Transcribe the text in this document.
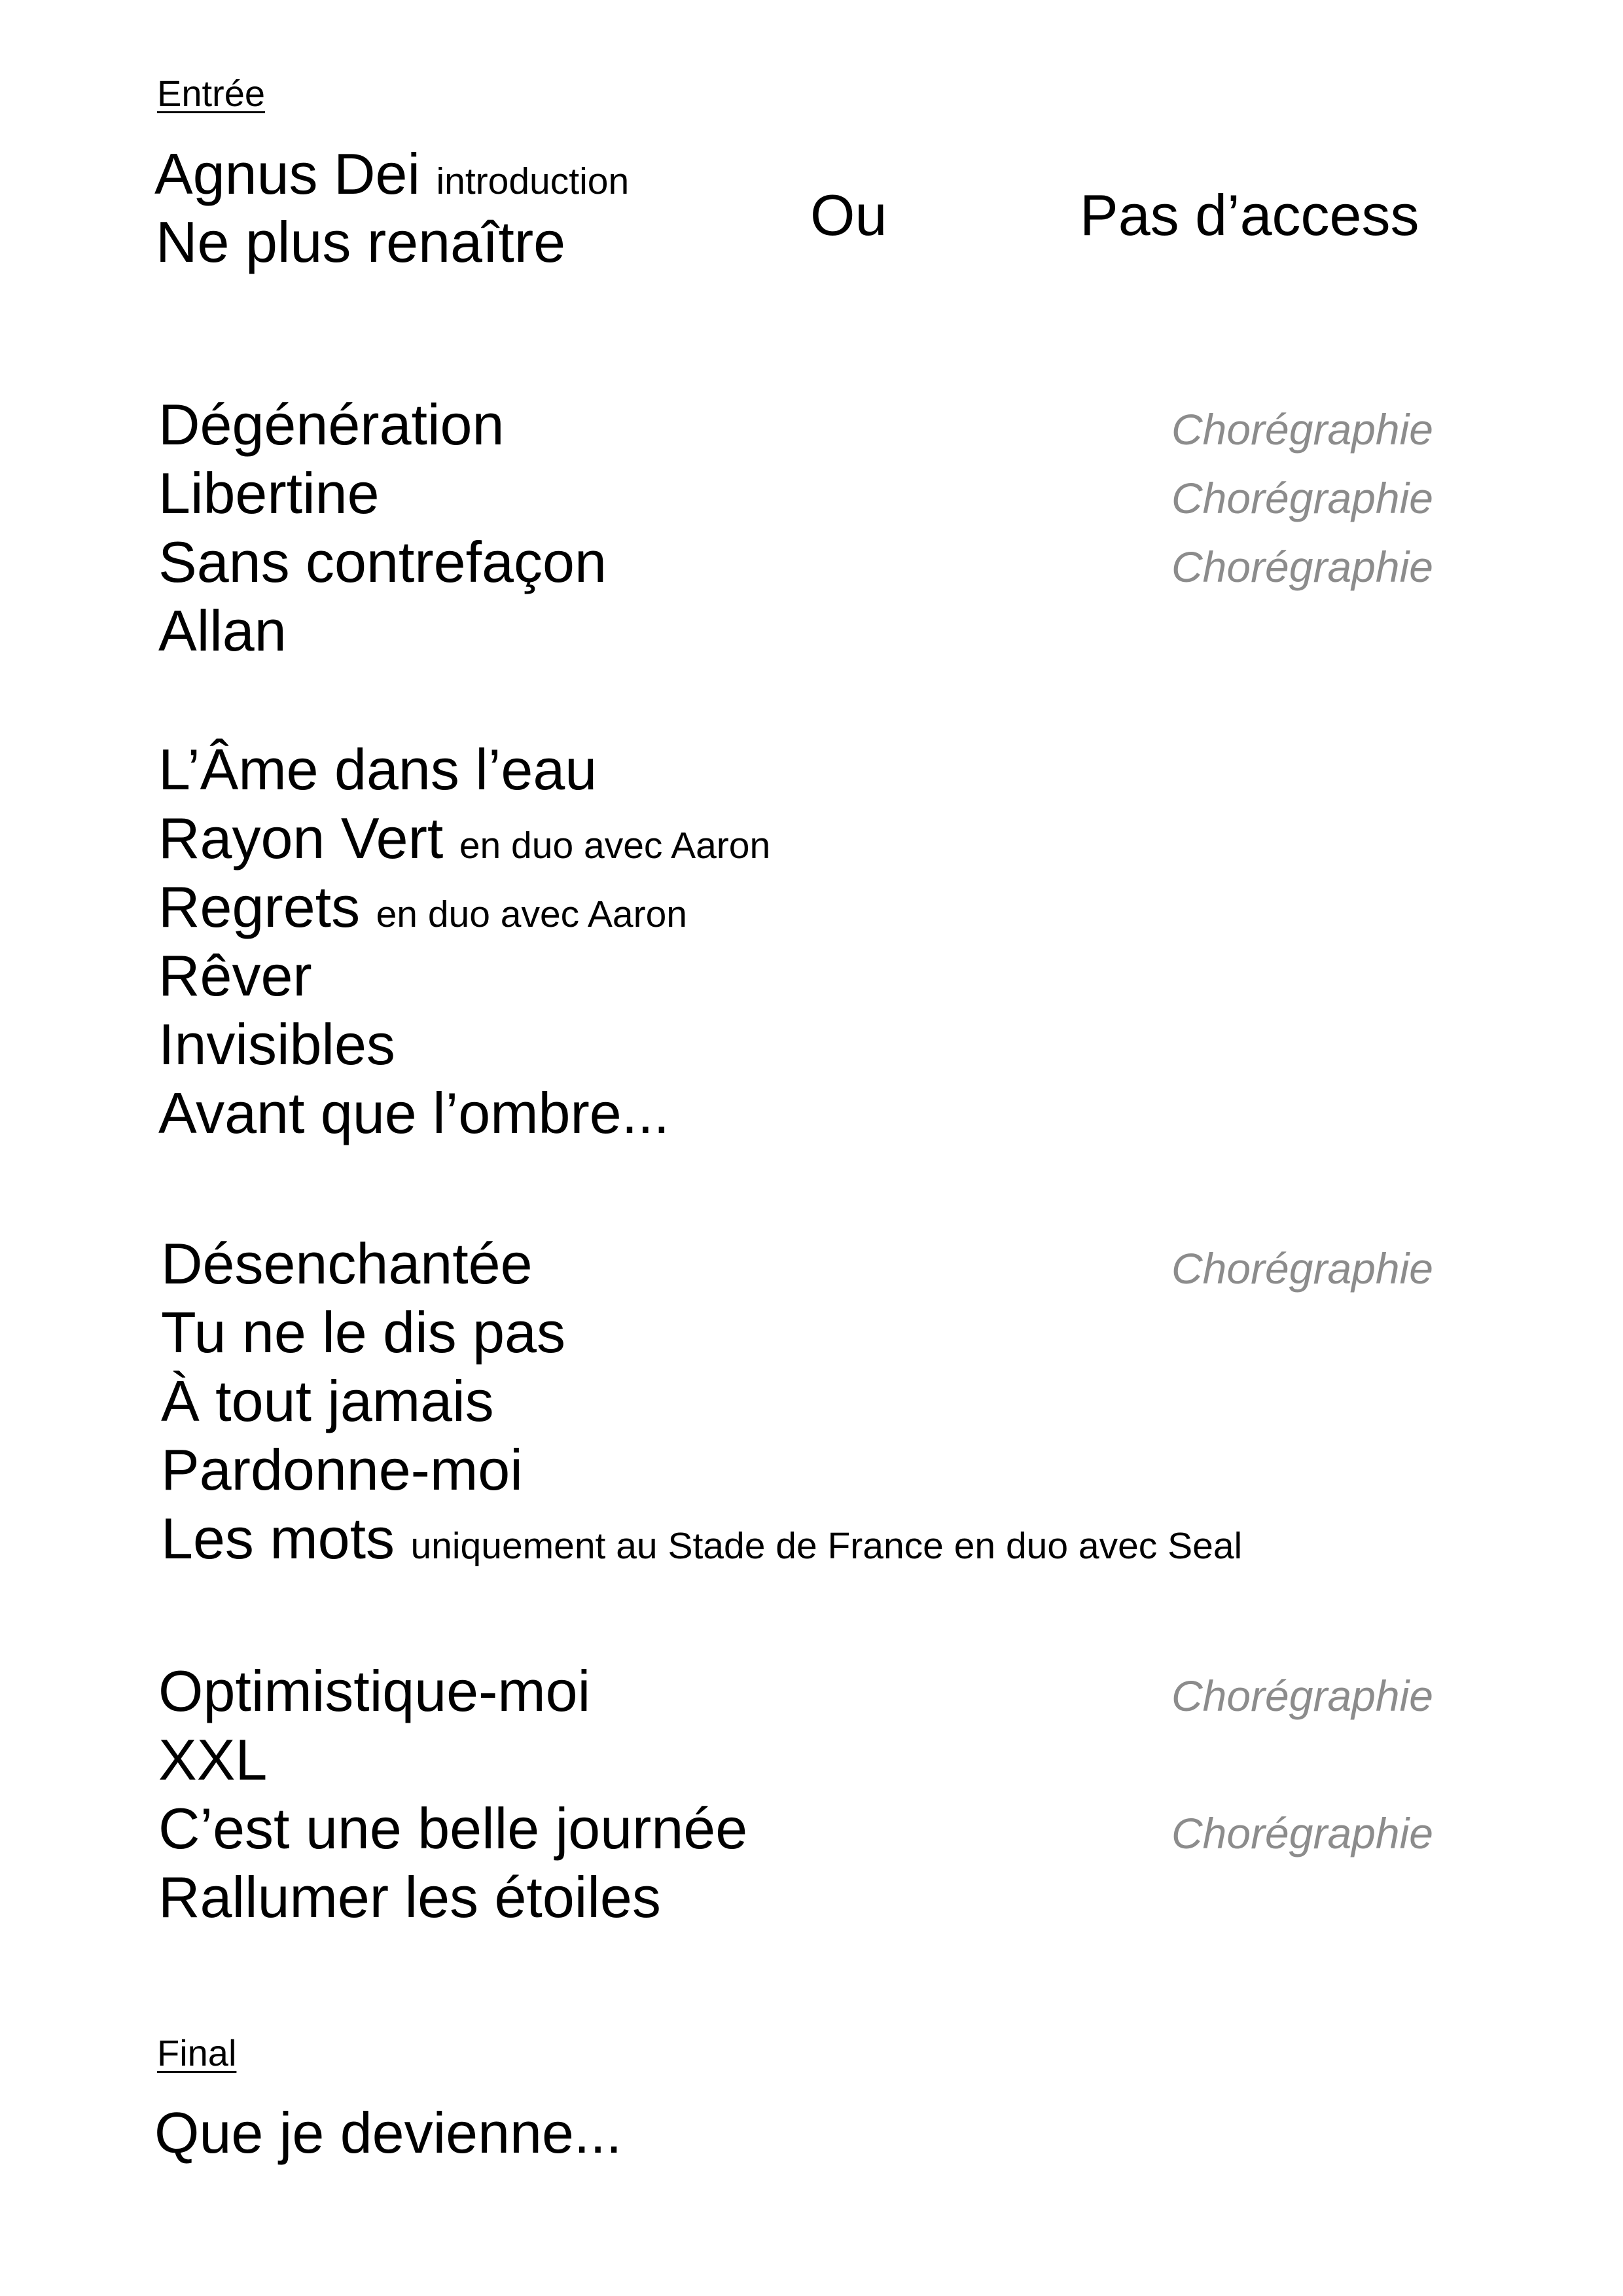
Entrée
Agnus Dei introduction
Ne plus renaître	Ou	Pas d’access
Dégénération	Chorégraphie
Libertine	Chorégraphie
Sans contrefaçon	Chorégraphie
Allan
L’Âme dans l’eau
Rayon Vert en duo avec Aaron
Regrets en duo avec Aaron
Rêver
Invisibles
Avant que l’ombre...
Désenchantée	Chorégraphie
Tu ne le dis pas
À tout jamais
Pardonne-moi
Les mots uniquement au Stade de France en duo avec Seal
Optimistique-moi	Chorégraphie
XXL
C’est une belle journée	Chorégraphie
Rallumer les étoiles
Final
Que je devienne...
